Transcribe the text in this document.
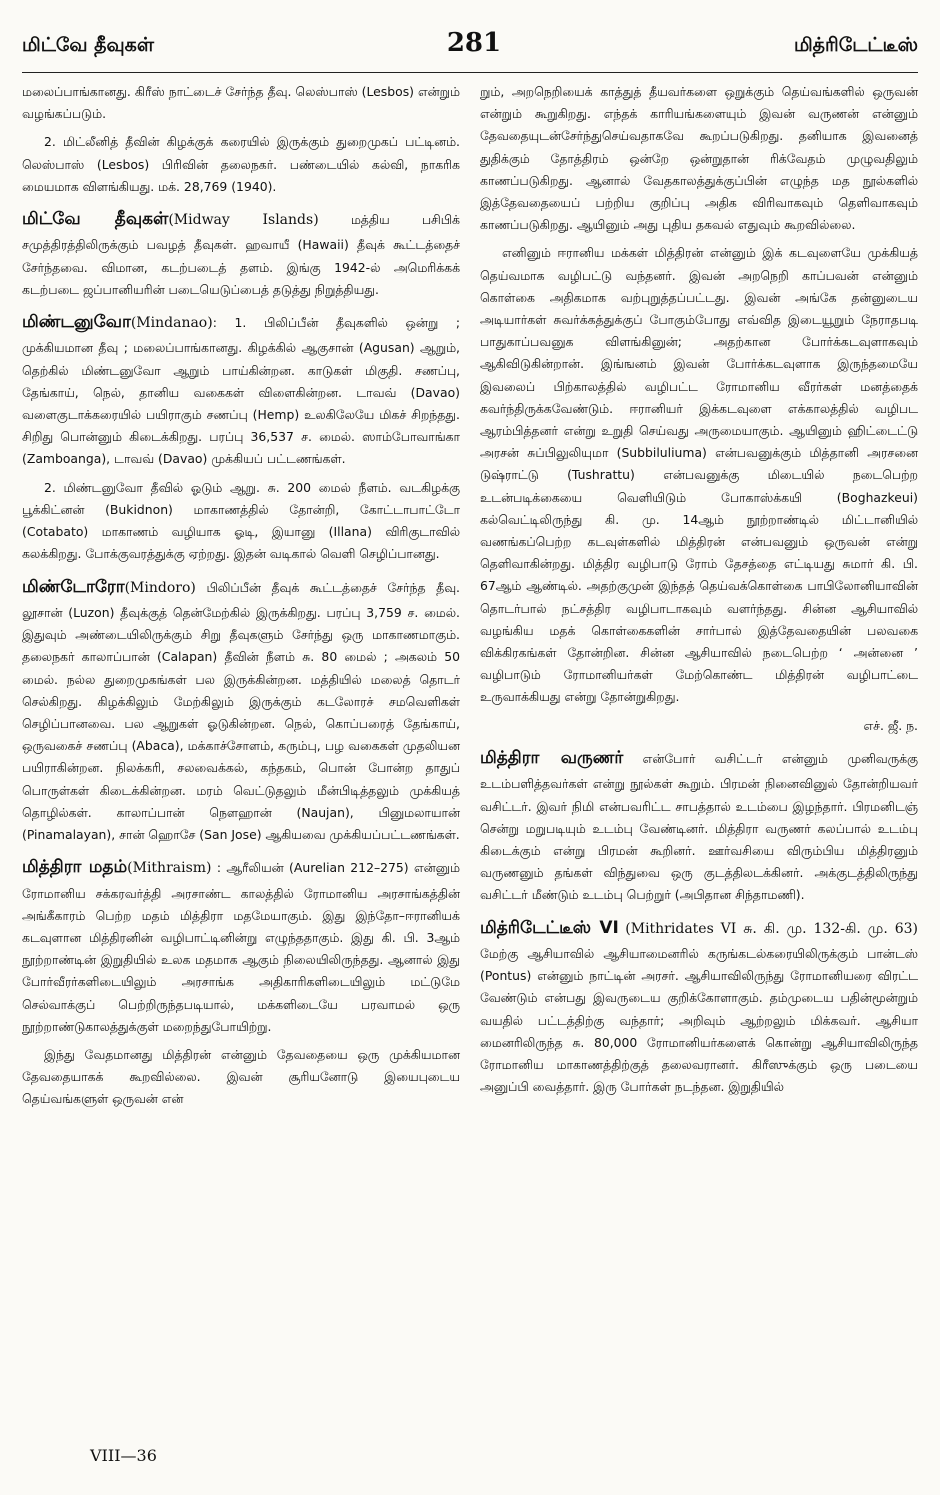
மிட்வே தீவுகள்	281	மித்ரிடேட்டீஸ்

மலைப்பாங்கானது. கிரீஸ் நாட்டைச் சேர்ந்த தீவு. லெஸ்பாஸ் (Lesbos) என்றும் வழங்கப்படும்.

2. மிட்லீனித் தீவின் கிழக்குக் கரையில் இருக்கும் துறைமுகப் பட்டினம். லெஸ்பாஸ் (Lesbos) பிரிவின் தலைநகர். பண்டையில் கல்வி, நாகரிக மையமாக விளங்கியது. மக். 28,769 (1940).

மிட்வே தீவுகள்(Midway Islands) மத்திய பசிபிக் சமுத்திரத்திலிருக்கும் பவழத் தீவுகள். ஹவாயீ (Hawaii) தீவுக் கூட்டத்தைச் சேர்ந்தவை. விமான, கடற்படைத் தளம். இங்கு 1942-ல் அமெரிக்கக் கடற்படை ஜப்பானியரின் படையெடுப்பைத் தடுத்து நிறுத்தியது.

மிண்டனுவோ(Mindanao): 1. பிலிப்பீன் தீவுகளில் ஒன்று ; முக்கியமான தீவு ; மலைப்பாங்கானது. கிழக்கில் ஆகுசான் (Agusan) ஆறும், தெற்கில் மிண்டனுவோ ஆறும் பாய்கின்றன. காடுகள் மிகுதி. சணப்பு, தேங்காய், நெல், தானிய வகைகள் விளைகின்றன. டாவவ் (Davao) வளைகுடாக்கரையில் பயிராகும் சணப்பு (Hemp) உலகிலேயே மிகச் சிறந்தது. சிறிது பொன்னும் கிடைக்கிறது. பரப்பு 36,537 ச. மைல். ஸாம்போவாங்கா (Zamboanga), டாவவ் (Davao) முக்கியப் பட்டணங்கள்.

2. மிண்டனுவோ தீவில் ஓடும் ஆறு. சு. 200 மைல் நீளம். வடகிழக்கு பூக்கிட்னன் (Bukidnon) மாகாணத்தில் தோன்றி, கோட்டாபாட்டோ (Cotabato) மாகாணம் வழியாக ஓடி, இயானு (Illana) விரிகுடாவில் கலக்கிறது. போக்குவரத்துக்கு ஏற்றது. இதன் வடிகால் வெளி செழிப்பானது.

மிண்டோரோ(Mindoro) பிலிப்பீன் தீவுக் கூட்டத்தைச் சேர்ந்த தீவு. லூசான் (Luzon) தீவுக்குத் தென்மேற்கில் இருக்கிறது. பரப்பு 3,759 ச. மைல். இதுவும் அண்டையிலிருக்கும் சிறு தீவுகளும் சேர்ந்து ஒரு மாகாணமாகும். தலைநகர் காலாப்பான் (Calapan) தீவின் நீளம் சு. 80 மைல் ; அகலம் 50 மைல். நல்ல துறைமுகங்கள் பல இருக்கின்றன. மத்தியில் மலைத் தொடர் செல்கிறது. கிழக்கிலும் மேற்கிலும் இருக்கும் கடலோரச் சமவெளிகள் செழிப்பானவை. பல ஆறுகள் ஓடுகின்றன. நெல், கொப்பரைத் தேங்காய், ஒருவகைச் சணப்பு (Abaca), மக்காச்சோளம், கரும்பு, பழ வகைகள் முதலியன பயிராகின்றன. நிலக்கரி, சலவைக்கல், கந்தகம், பொன் போன்ற தாதுப் பொருள்கள் கிடைக்கின்றன. மரம் வெட்டுதலும் மீன்பிடித்தலும் முக்கியத் தொழில்கள். காலாப்பான் நௌஹான் (Naujan), பினுமலாயான் (Pinamalayan), சான் ஹொசே (San Jose) ஆகியவை முக்கியப்பட்டணங்கள்.

மித்திரா மதம்(Mithraism) : ஆரீலியன் (Aurelian 212–275) என்னும் ரோமானிய சக்கரவர்த்தி அரசாண்ட காலத்தில் ரோமானிய அரசாங்கத்தின் அங்கீகாரம் பெற்ற மதம் மித்திரா மதமேயாகும். இது இந்தோ–ஈரானியக் கடவுளான மித்திரனின் வழிபாட்டினின்று எழுந்ததாகும். இது கி. பி. 3ஆம் நூற்றாண்டின் இறுதியில் உலக மதமாக ஆகும் நிலையிலிருந்தது. ஆனால் இது போர்வீரர்களிடையிலும் அரசாங்க அதிகாரிகளிடையிலும் மட்டுமே செல்வாக்குப் பெற்றிருந்தபடியால், மக்களிடையே பரவாமல் ஒரு நூற்றாண்டுகாலத்துக்குள் மறைந்துபோயிற்று.

இந்து வேதமானது மித்திரன் என்னும் தேவதையை ஒரு முக்கியமான தேவதையாகக் கூறவில்லை. இவன் சூரியனோடு இயைபுடைய தெய்வங்களுள் ஒருவன் என்

றும், அறநெறியைக் காத்துத் தீயவர்களை ஒறுக்கும் தெய்வங்களில் ஒருவன் என்றும் கூறுகிறது. எந்தக் காரியங்களையும் இவன் வருணன் என்னும் தேவதையுடன்சேர்ந்துசெய்வதாகவே கூறப்படுகிறது. தனியாக இவனைத் துதிக்கும் தோத்திரம் ஒன்றே ஒன்றுதான் ரிக்வேதம் முழுவதிலும் காணப்படுகிறது. ஆனால் வேதகாலத்துக்குப்பின் எழுந்த மத நூல்களில் இத்தேவதையைப் பற்றிய குறிப்பு அதிக விரிவாகவும் தெளிவாகவும் காணப்படுகிறது. ஆயினும் அது புதிய தகவல் எதுவும் கூறவில்லை.

எனினும் ஈரானிய மக்கள் மித்திரன் என்னும் இக் கடவுளையே முக்கியத் தெய்வமாக வழிபட்டு வந்தனர். இவன் அறநெறி காப்பவன் என்னும் கொள்கை அதிகமாக வற்புறுத்தப்பட்டது. இவன் அங்கே தன்னுடைய அடியார்கள் சுவர்க்கத்துக்குப் போகும்போது எவ்வித இடையூறும் நேராதபடி பாதுகாப்பவனுக விளங்கினுன்; அதற்கான போர்க்கடவுளாகவும் ஆகிவிடுகின்றான். இங்ஙனம் இவன் போர்க்கடவுளாக இருந்தமையே இவலைப் பிற்காலத்தில் வழிபட்ட ரோமானிய வீரர்கள் மனத்தைக் கவர்ந்திருக்கவேண்டும். ஈரானியர் இக்கடவுளை எக்காலத்தில் வழிபட ஆரம்பித்தனர் என்று உறுதி செய்வது அருமையாகும். ஆயினும் ஹிட்டைட்டு அரசன் சுப்பிலுலியுமா (Subbiluliuma) என்பவனுக்கும் மித்தானி அரசனை டுஷ்ராட்டு (Tushrattu) என்பவனுக்கு மிடையில் நடைபெற்ற உடன்படிக்கையை வெளியிடும் போகாஸ்க்கயி (Boghazkeui) கல்வெட்டிலிருந்து கி. மு. 14ஆம் நூற்றாண்டில் மிட்டானியில் வணங்கப்பெற்ற கடவுள்களில் மித்திரன் என்பவனும் ஒருவன் என்று தெளிவாகின்றது. மித்திர வழிபாடு ரோம் தேசத்தை எட்டியது சுமார் கி. பி. 67ஆம் ஆண்டில். அதற்குமுன் இந்தத் தெய்வக்கொள்கை பாபிலோனியாவின் தொடர்பால் நட்சத்திர வழிபாடாகவும் வளர்ந்தது. சின்ன ஆசியாவில் வழங்கிய மதக் கொள்கைகளின் சார்பால் இத்தேவதையின் பலவகை விக்கிரகங்கள் தோன்றின. சின்ன ஆசியாவில் நடைபெற்ற ‘ அன்னை ’ வழிபாடும் ரோமானியர்கள் மேற்கொண்ட மித்திரன் வழிபாட்டை உருவாக்கியது என்று தோன்றுகிறது.

எச். ஜீ. ந.

மித்திரா வருணர் என்போர் வசிட்டர் என்னும் முனிவருக்கு உடம்பளித்தவர்கள் என்று நூல்கள் கூறும். பிரமன் நினைவினுல் தோன்றியவர் வசிட்டர். இவர் நிமி என்பவரிட்ட சாபத்தால் உடம்பை இழந்தார். பிரமனிடஞ் சென்று மறுபடியும் உடம்பு வேண்டினர். மித்திரா வருணர் கலப்பால் உடம்பு கிடைக்கும் என்று பிரமன் கூறினர். ஊர்வசியை விரும்பிய மித்திரனும் வருணனும் தங்கள் விந்துவை ஒரு குடத்திலடக்கினர். அக்குடத்திலிருந்து வசிட்டர் மீண்டும் உடம்பு பெற்றுர் (அபிதான சிந்தாமணி).

மித்ரிடேட்டீஸ் VI (Mithridates VI சு. கி. மு. 132-கி. மு. 63) மேற்கு ஆசியாவில் ஆசியாமைனரில் கருங்கடல்கரையிலிருக்கும் பான்டஸ் (Pontus) என்னும் நாட்டின் அரசர். ஆசியாவிலிருந்து ரோமானியரை விரட்ட வேண்டும் என்பது இவருடைய குறிக்கோளாகும். தம்முடைய பதின்மூன்றும் வயதில் பட்டத்திற்கு வந்தார்; அறிவும் ஆற்றலும் மிக்கவர். ஆசியா மைனரிலிருந்த சு. 80,000 ரோமானியர்களைக் கொன்று ஆசியாவிலிருந்த ரோமானிய மாகாணத்திற்குத் தலைவரானர். கிரீஸுக்கும் ஒரு படையை அனுப்பி வைத்தார். இரு போர்கள் நடந்தன. இறுதியில்

VIII—36
